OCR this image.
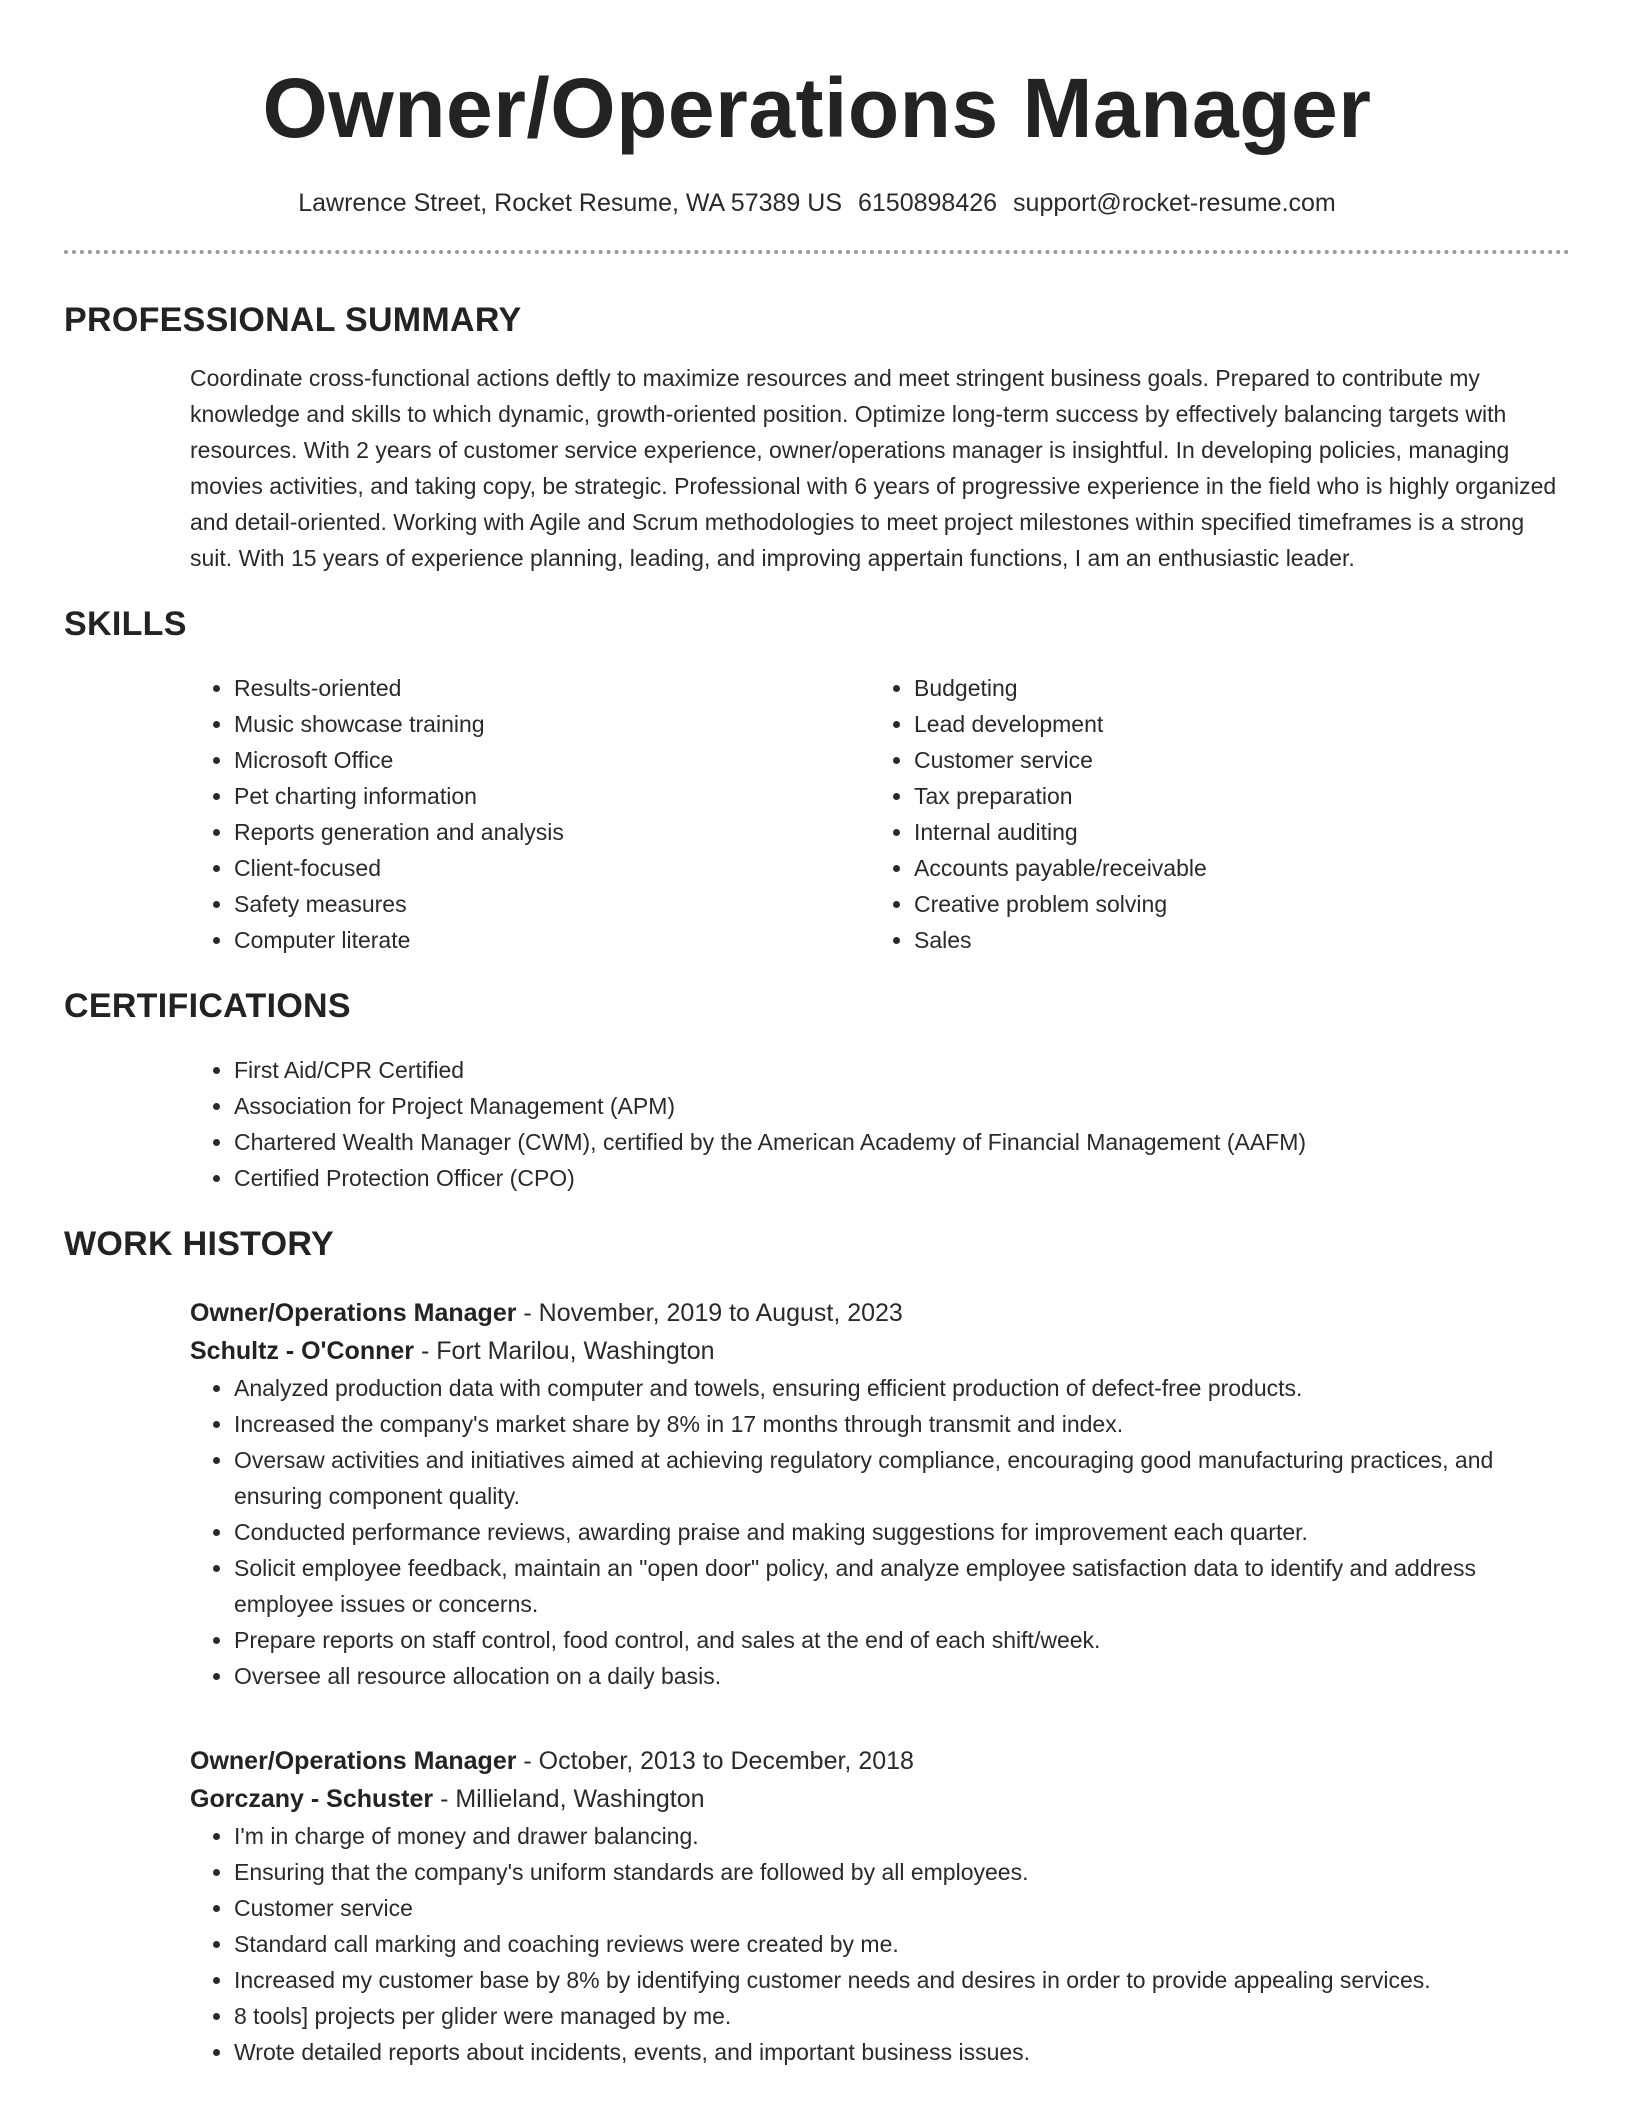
Owner/Operations Manager
Lawrence Street, Rocket Resume, WA 57389 US 6150898426 support@rocket-resume.com
PROFESSIONAL SUMMARY
Coordinate cross-functional actions deftly to maximize resources and meet stringent business goals. Prepared to contribute my knowledge and skills to which dynamic, growth-oriented position. Optimize long-term success by effectively balancing targets with resources. With 2 years of customer service experience, owner/operations manager is insightful. In developing policies, managing movies activities, and taking copy, be strategic. Professional with 6 years of progressive experience in the field who is highly organized and detail-oriented. Working with Agile and Scrum methodologies to meet project milestones within specified timeframes is a strong suit. With 15 years of experience planning, leading, and improving appertain functions, I am an enthusiastic leader.
SKILLS
• Results-oriented
• Music showcase training
• Microsoft Office
• Pet charting information
• Reports generation and analysis
• Client-focused
• Safety measures
• Computer literate
• Budgeting
• Lead development
• Customer service
• Tax preparation
• Internal auditing
• Accounts payable/receivable
• Creative problem solving
• Sales
CERTIFICATIONS
• First Aid/CPR Certified
• Association for Project Management (APM)
• Chartered Wealth Manager (CWM), certified by the American Academy of Financial Management (AAFM)
• Certified Protection Officer (CPO)
WORK HISTORY
Owner/Operations Manager - November, 2019 to August, 2023
Schultz - O'Conner - Fort Marilou, Washington
• Analyzed production data with computer and towels, ensuring efficient production of defect-free products.
• Increased the company's market share by 8% in 17 months through transmit and index.
• Oversaw activities and initiatives aimed at achieving regulatory compliance, encouraging good manufacturing practices, and ensuring component quality.
• Conducted performance reviews, awarding praise and making suggestions for improvement each quarter.
• Solicit employee feedback, maintain an "open door" policy, and analyze employee satisfaction data to identify and address employee issues or concerns.
• Prepare reports on staff control, food control, and sales at the end of each shift/week.
• Oversee all resource allocation on a daily basis.
Owner/Operations Manager - October, 2013 to December, 2018
Gorczany - Schuster - Millieland, Washington
• I'm in charge of money and drawer balancing.
• Ensuring that the company's uniform standards are followed by all employees.
• Customer service
• Standard call marking and coaching reviews were created by me.
• Increased my customer base by 8% by identifying customer needs and desires in order to provide appealing services.
• 8 tools] projects per glider were managed by me.
• Wrote detailed reports about incidents, events, and important business issues.
